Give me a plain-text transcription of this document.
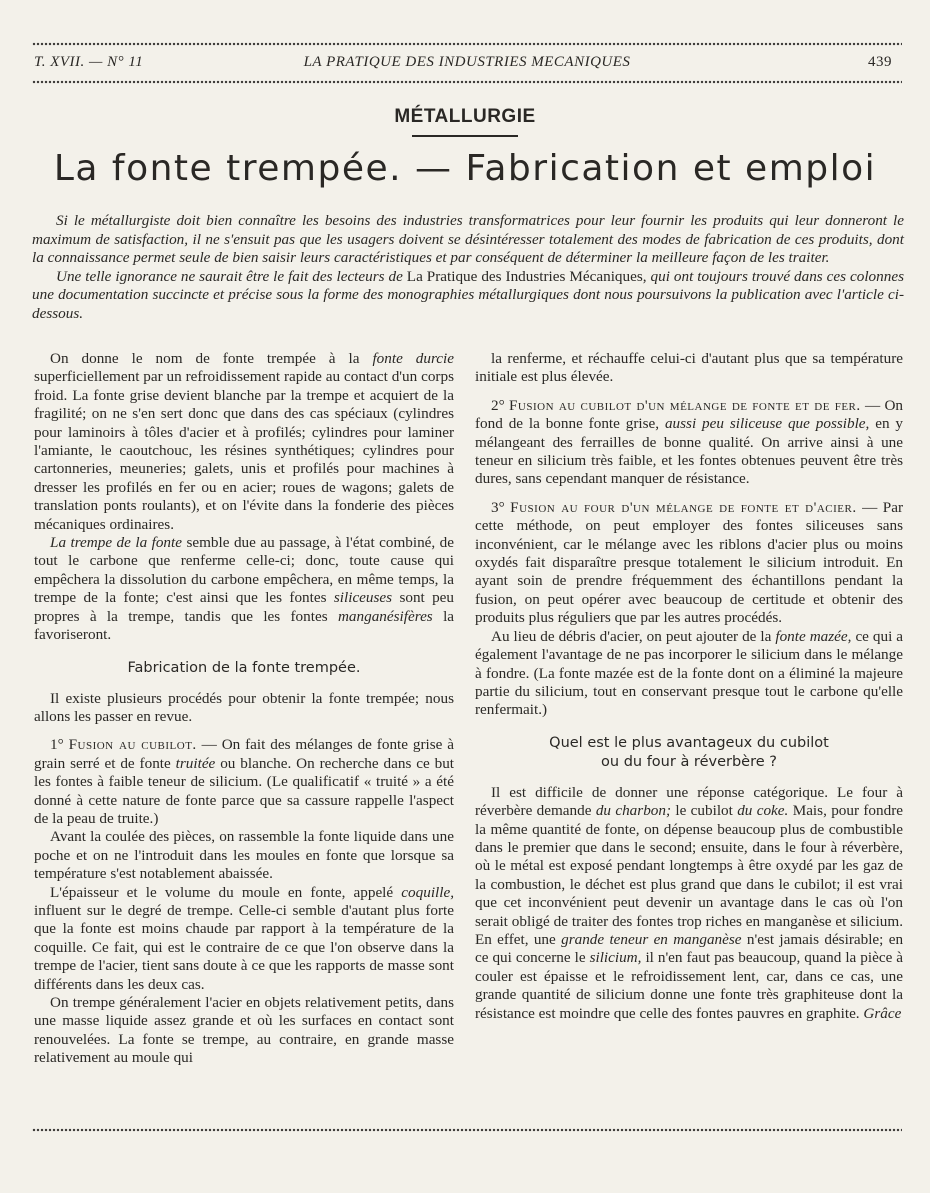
T. XVII. — N° 11	LA PRATIQUE DES INDUSTRIES MECANIQUES	439
MÉTALLURGIE
La fonte trempée. — Fabrication et emploi

Si le métallurgiste doit bien connaître les besoins des industries transformatrices pour leur fournir les produits qui leur donneront le maximum de satisfaction, il ne s'ensuit pas que les usagers doivent se désintéresser totalement des modes de fabrication de ces produits, dont la connaissance permet seule de bien saisir leurs caractéristiques et par conséquent de déterminer la meilleure façon de les traiter.

Une telle ignorance ne saurait être le fait des lecteurs de La Pratique des Industries Mécaniques, qui ont toujours trouvé dans ces colonnes une documentation succincte et précise sous la forme des monographies métallurgiques dont nous poursuivons la publication avec l'article ci-dessous.

On donne le nom de fonte trempée à la fonte durcie superficiellement par un refroidissement rapide au contact d'un corps froid. La fonte grise devient blanche par la trempe et acquiert de la fragilité; on ne s'en sert donc que dans des cas spéciaux (cylindres pour laminoirs à tôles d'acier et à profilés; cylindres pour laminer l'amiante, le caoutchouc, les résines synthétiques; cylindres pour cartonneries, meuneries; galets, unis et profilés pour machines à dresser les profilés en fer ou en acier; roues de wagons; galets de translation ponts roulants), et on l'évite dans la fonderie des pièces mécaniques ordinaires.

La trempe de la fonte semble due au passage, à l'état combiné, de tout le carbone que renferme celle-ci; donc, toute cause qui empêchera la dissolution du carbone empêchera, en même temps, la trempe de la fonte; c'est ainsi que les fontes siliceuses sont peu propres à la trempe, tandis que les fontes manganésifères la favoriseront.

Fabrication de la fonte trempée.

Il existe plusieurs procédés pour obtenir la fonte trempée; nous allons les passer en revue.

1° Fusion au cubilot. — On fait des mélanges de fonte grise à grain serré et de fonte truitée ou blanche. On recherche dans ce but les fontes à faible teneur de silicium. (Le qualificatif « truité » a été donné à cette nature de fonte parce que sa cassure rappelle l'aspect de la peau de truite.)

Avant la coulée des pièces, on rassemble la fonte liquide dans une poche et on ne l'introduit dans les moules en fonte que lorsque sa température s'est notablement abaissée.

L'épaisseur et le volume du moule en fonte, appelé coquille, influent sur le degré de trempe. Celle-ci semble d'autant plus forte que la fonte est moins chaude par rapport à la température de la coquille. Ce fait, qui est le contraire de ce que l'on observe dans la trempe de l'acier, tient sans doute à ce que les rapports de masse sont différents dans les deux cas.

On trempe généralement l'acier en objets relativement petits, dans une masse liquide assez grande et où les surfaces en contact sont renouvelées. La fonte se trempe, au contraire, en grande masse relativement au moule qui

la renferme, et réchauffe celui-ci d'autant plus que sa température initiale est plus élevée.

2° Fusion au cubilot d'un mélange de fonte et de fer. — On fond de la bonne fonte grise, aussi peu siliceuse que possible, en y mélangeant des ferrailles de bonne qualité. On arrive ainsi à une teneur en silicium très faible, et les fontes obtenues peuvent être très dures, sans cependant manquer de résistance.

3° Fusion au four d'un mélange de fonte et d'acier. — Par cette méthode, on peut employer des fontes siliceuses sans inconvénient, car le mélange avec les riblons d'acier plus ou moins oxydés fait disparaître presque totalement le silicium introduit. En ayant soin de prendre fréquemment des échantillons pendant la fusion, on peut opérer avec beaucoup de certitude et obtenir des produits plus réguliers que par les autres procédés.

Au lieu de débris d'acier, on peut ajouter de la fonte mazée, ce qui a également l'avantage de ne pas incorporer le silicium dans le mélange à fondre. (La fonte mazée est de la fonte dont on a éliminé la majeure partie du silicium, tout en conservant presque tout le carbone qu'elle renfermait.)

Quel est le plus avantageux du cubilot
ou du four à réverbère ?

Il est difficile de donner une réponse catégorique. Le four à réverbère demande du charbon; le cubilot du coke. Mais, pour fondre la même quantité de fonte, on dépense beaucoup plus de combustible dans le premier que dans le second; ensuite, dans le four à réverbère, où le métal est exposé pendant longtemps à être oxydé par les gaz de la combustion, le déchet est plus grand que dans le cubilot; il est vrai que cet inconvénient peut devenir un avantage dans le cas où l'on serait obligé de traiter des fontes trop riches en manganèse et silicium. En effet, une grande teneur en manganèse n'est jamais désirable; en ce qui concerne le silicium, il n'en faut pas beaucoup, quand la pièce à couler est épaisse et le refroidissement lent, car, dans ce cas, une grande quantité de silicium donne une fonte très graphiteuse dont la résistance est moindre que celle des fontes pauvres en graphite. Grâce
